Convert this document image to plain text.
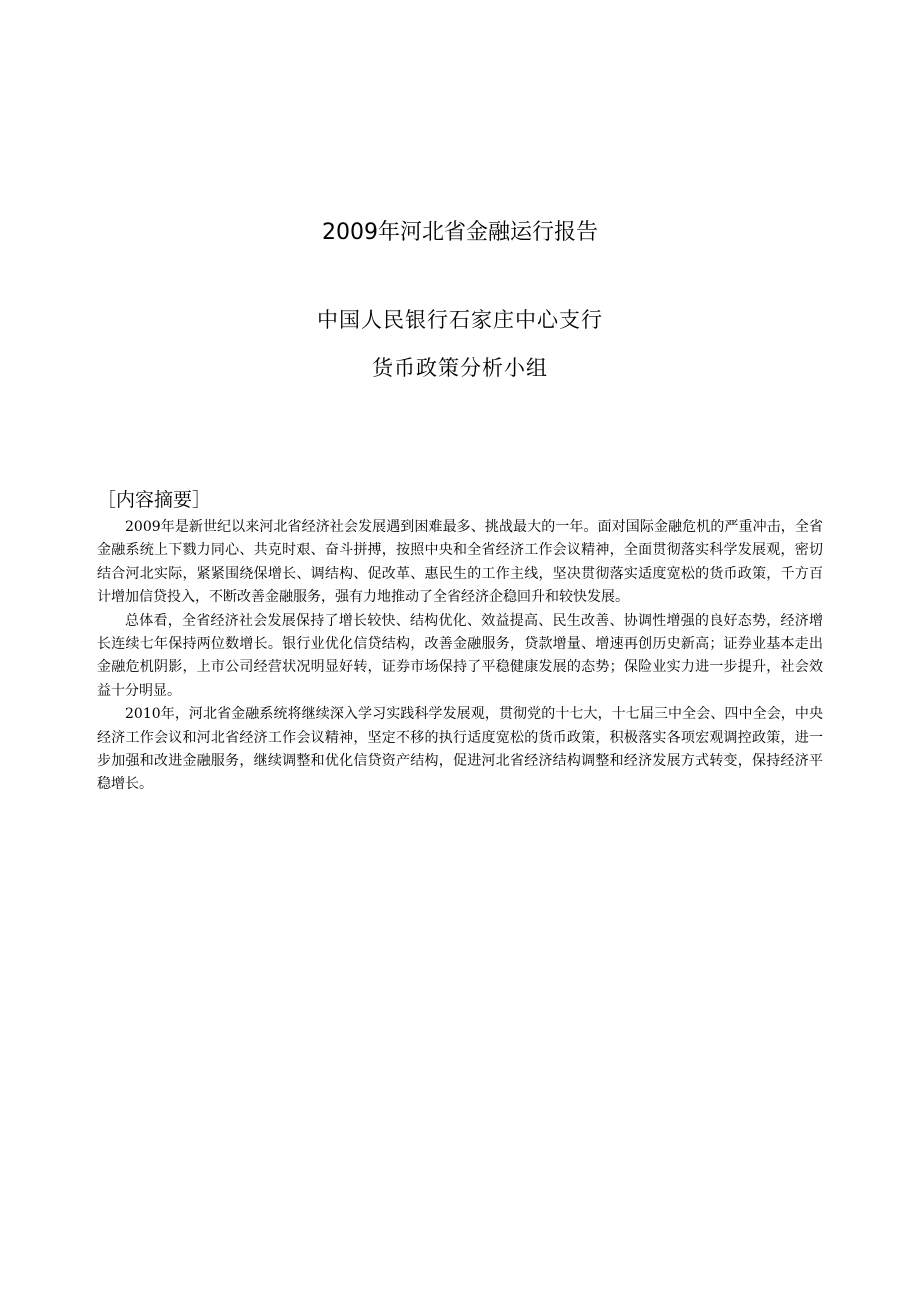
2009年河北省金融运行报告
中国人民银行石家庄中心支行
货币政策分析小组
［内容摘要］

2009年是新世纪以来河北省经济社会发展遇到困难最多、挑战最大的一年。面对国际金融危机的严重冲击，全省金融系统上下戮力同心、共克时艰、奋斗拼搏，按照中央和全省经济工作会议精神，全面贯彻落实科学发展观，密切结合河北实际，紧紧围绕保增长、调结构、促改革、惠民生的工作主线，坚决贯彻落实适度宽松的货币政策，千方百计增加信贷投入，不断改善金融服务，强有力地推动了全省经济企稳回升和较快发展。

总体看，全省经济社会发展保持了增长较快、结构优化、效益提高、民生改善、协调性增强的良好态势，经济增长连续七年保持两位数增长。银行业优化信贷结构，改善金融服务，贷款增量、增速再创历史新高；证券业基本走出金融危机阴影，上市公司经营状况明显好转，证券市场保持了平稳健康发展的态势；保险业实力进一步提升，社会效益十分明显。

2010年，河北省金融系统将继续深入学习实践科学发展观，贯彻党的十七大，十七届三中全会、四中全会，中央经济工作会议和河北省经济工作会议精神，坚定不移的执行适度宽松的货币政策，积极落实各项宏观调控政策，进一步加强和改进金融服务，继续调整和优化信贷资产结构，促进河北省经济结构调整和经济发展方式转变，保持经济平稳增长。
